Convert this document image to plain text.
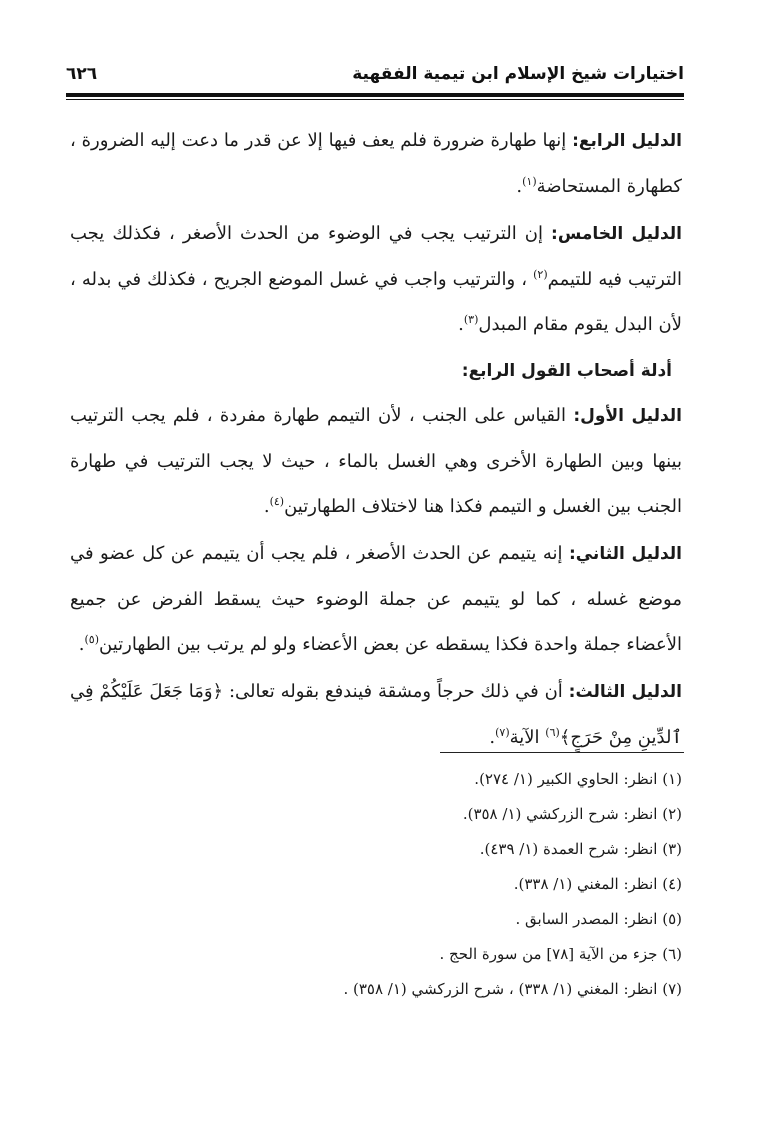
اختيارات شيخ الإسلام ابن تيمية الفقهية
٦٢٦

الدليل الرابع: إنها طهارة ضرورة فلم يعف فيها إلا عن قدر ما دعت إليه الضرورة ، كطهارة المستحاضة$^{(١)}$.

الدليل الخامس: إن الترتيب يجب في الوضوء من الحدث الأصغر ، فكذلك يجب الترتيب فيه للتيمم$^{(٢)}$ ، والترتيب واجب في غسل الموضع الجريح ، فكذلك في بدله ، لأن البدل يقوم مقام المبدل$^{(٣)}$.

أدلة أصحاب القول الرابع:

الدليل الأول: القياس على الجنب ، لأن التيمم طهارة مفردة ، فلم يجب الترتيب بينها وبين الطهارة الأخرى وهي الغسل بالماء ، حيث لا يجب الترتيب في طهارة الجنب بين الغسل و التيمم فكذا هنا لاختلاف الطهارتين$^{(٤)}$.

الدليل الثاني: إنه يتيمم عن الحدث الأصغر ، فلم يجب أن يتيمم عن كل عضو في موضع غسله ، كما لو يتيمم عن جملة الوضوء حيث يسقط الفرض عن جميع الأعضاء جملة واحدة فكذا يسقطه عن بعض الأعضاء ولو لم يرتب بين الطهارتين$^{(٥)}$.

الدليل الثالث: أن في ذلك حرجاً ومشقة فيندفع بقوله تعالى: ﴿وَمَا جَعَلَ عَلَيْكُمْ فِي ٱلدِّينِ مِنْ حَرَجٍ﴾$^{(٦)}$ الآية$^{(٧)}$.

(١) انظر: الحاوي الكبير (١/ ٢٧٤).

(٢) انظر: شرح الزركشي (١/ ٣٥٨).

(٣) انظر: شرح العمدة (١/ ٤٣٩).

(٤) انظر: المغني (١/ ٣٣٨).

(٥) انظر: المصدر السابق .

(٦) جزء من الآية [٧٨] من سورة الحج .

(٧) انظر: المغني (١/ ٣٣٨) ، شرح الزركشي (١/ ٣٥٨) .
